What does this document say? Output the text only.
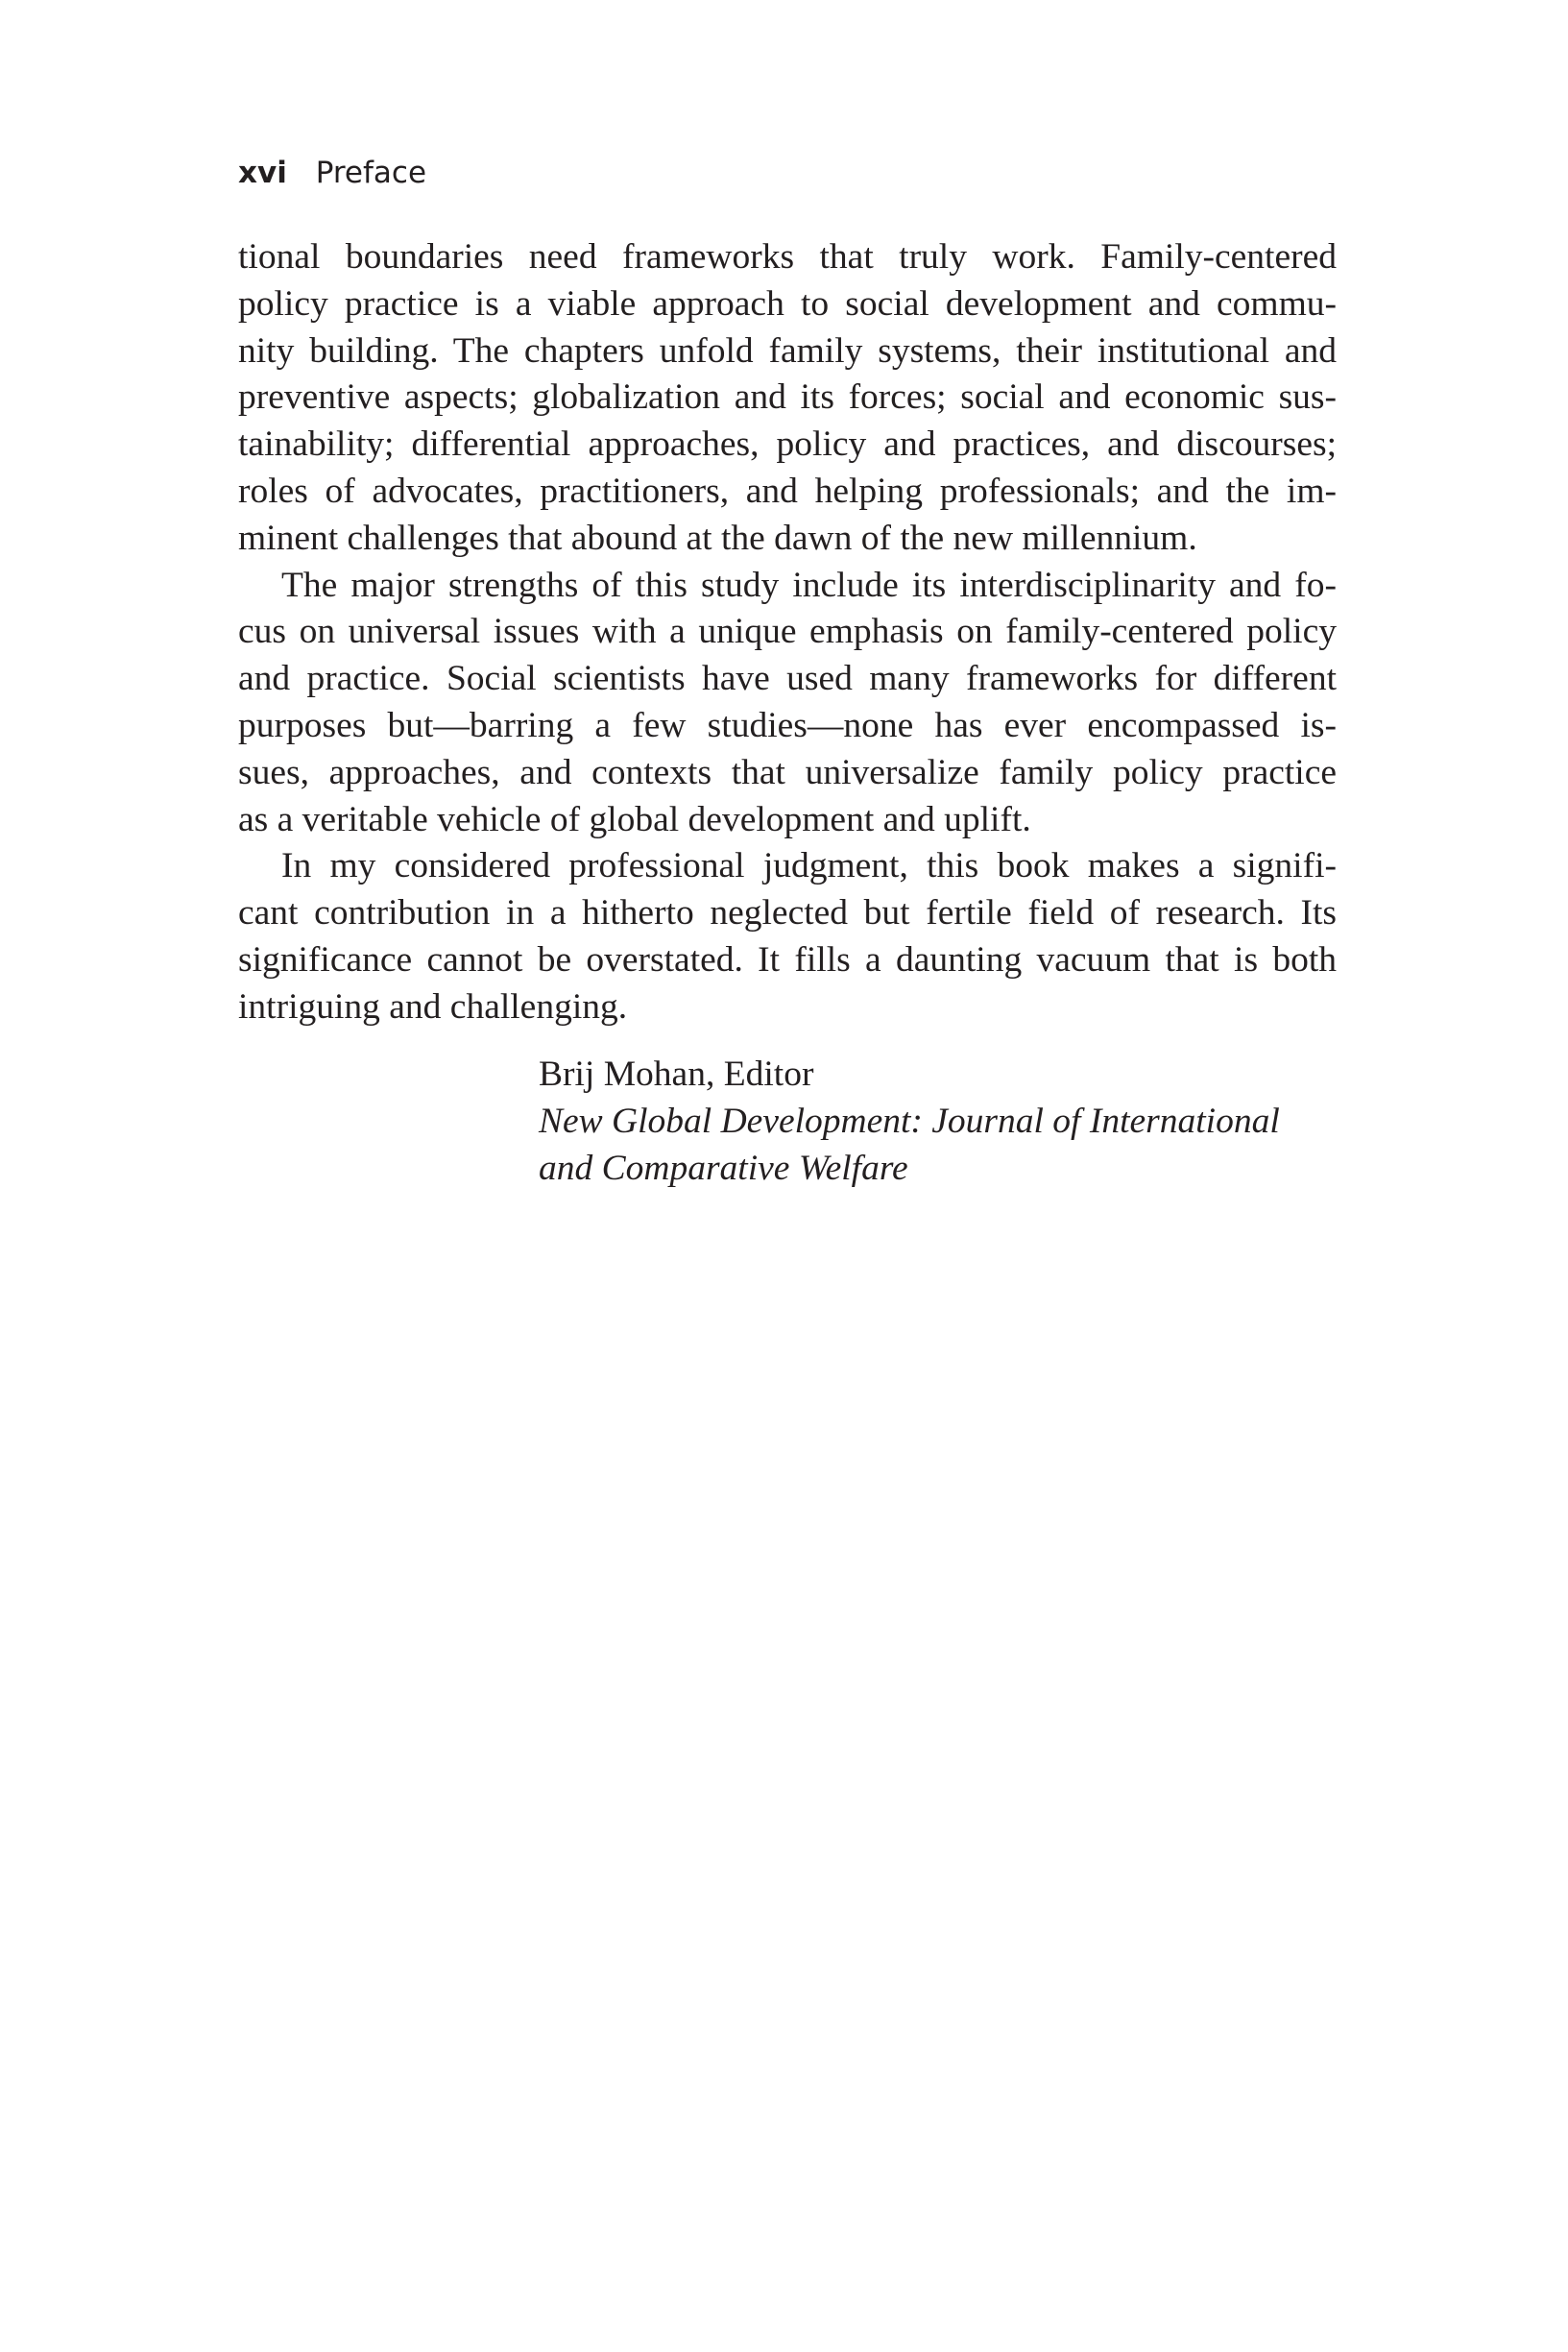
xvi Preface

tional boundaries need frameworks that truly work. Family-centered
policy practice is a viable approach to social development and commu-
nity building. The chapters unfold family systems, their institutional and
preventive aspects; globalization and its forces; social and economic sus-
tainability; differential approaches, policy and practices, and discourses;
roles of advocates, practitioners, and helping professionals; and the im-
minent challenges that abound at the dawn of the new millennium.

The major strengths of this study include its interdisciplinarity and fo-
cus on universal issues with a unique emphasis on family-centered policy
and practice. Social scientists have used many frameworks for different
purposes but—barring a few studies—none has ever encompassed is-
sues, approaches, and contexts that universalize family policy practice
as a veritable vehicle of global development and uplift.

In my considered professional judgment, this book makes a signifi-
cant contribution in a hitherto neglected but fertile field of research. Its
significance cannot be overstated. It fills a daunting vacuum that is both
intriguing and challenging.

Brij Mohan, Editor
New Global Development: Journal of International
and Comparative Welfare
